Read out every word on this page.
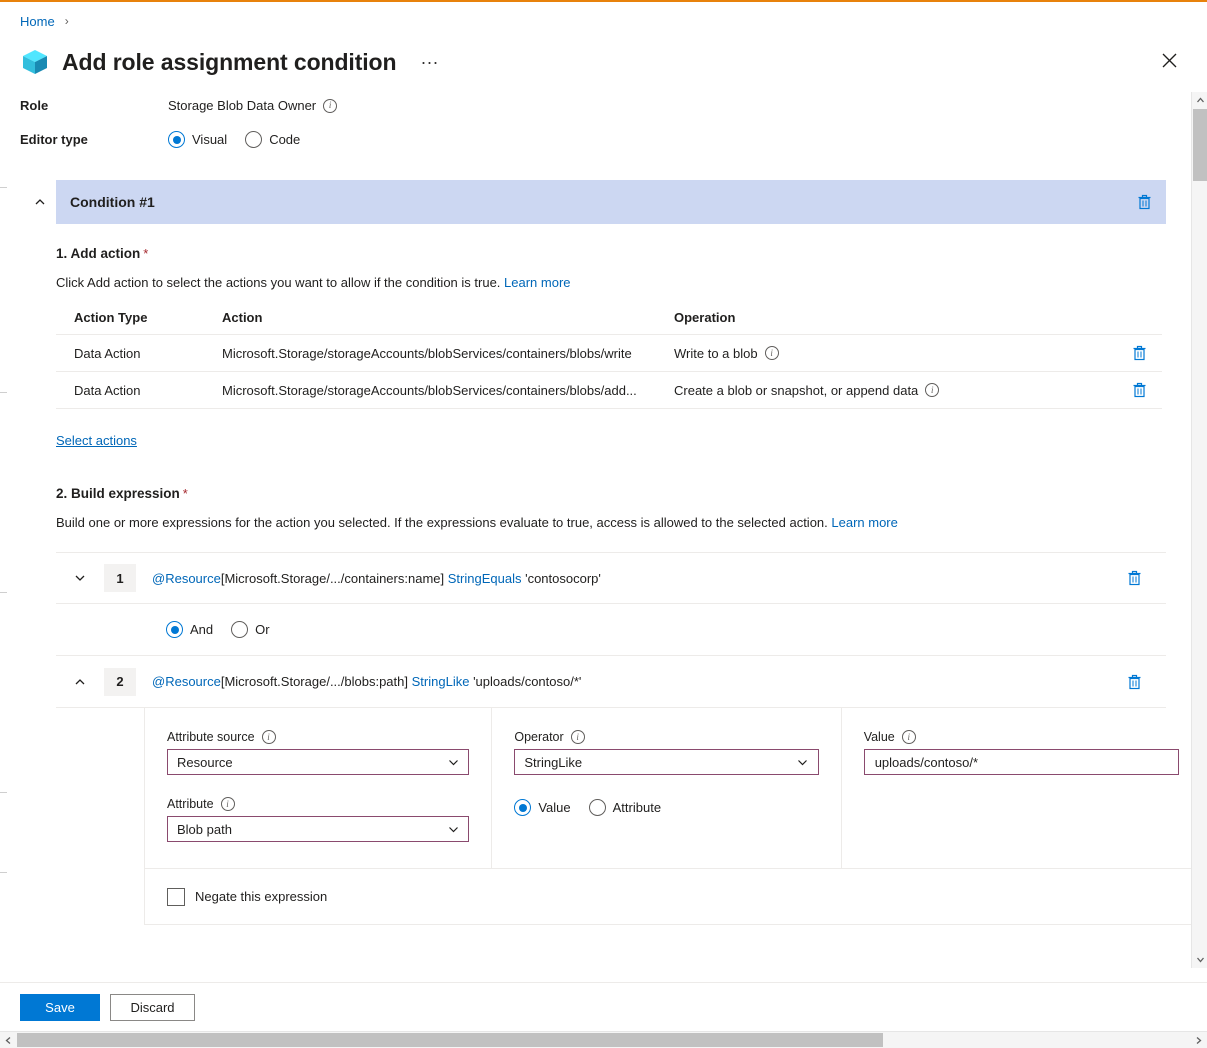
Home ›
Add role assignment condition	···
Role	Storage Blob Data Owner	i
Editor type	Visual	Code
Condition #1
1. Add action *
Click Add action to select the actions you want to allow if the condition is true. Learn more
Action Type	Action	Operation	
Data Action	Microsoft.Storage/storageAccounts/blobServices/containers/blobs/write	Write to a blob i

Data Action	Microsoft.Storage/storageAccounts/blobServices/containers/blobs/add...	Create a blob or snapshot, or append data i

Select actions
2. Build expression *
Build one or more expressions for the action you selected. If the expressions evaluate to true, access is allowed to the selected action. Learn more
1	@Resource[Microsoft.Storage/.../containers:name] StringEquals 'contosocorp'
And	Or
2	@Resource[Microsoft.Storage/.../blobs:path] StringLike 'uploads/contoso/*'
Attribute source	i
Resource
Attribute	i
Blob path
Operator	i
StringLike
Value	Attribute
Value	i
uploads/contoso/*
Negate this expression
Save	Discard
